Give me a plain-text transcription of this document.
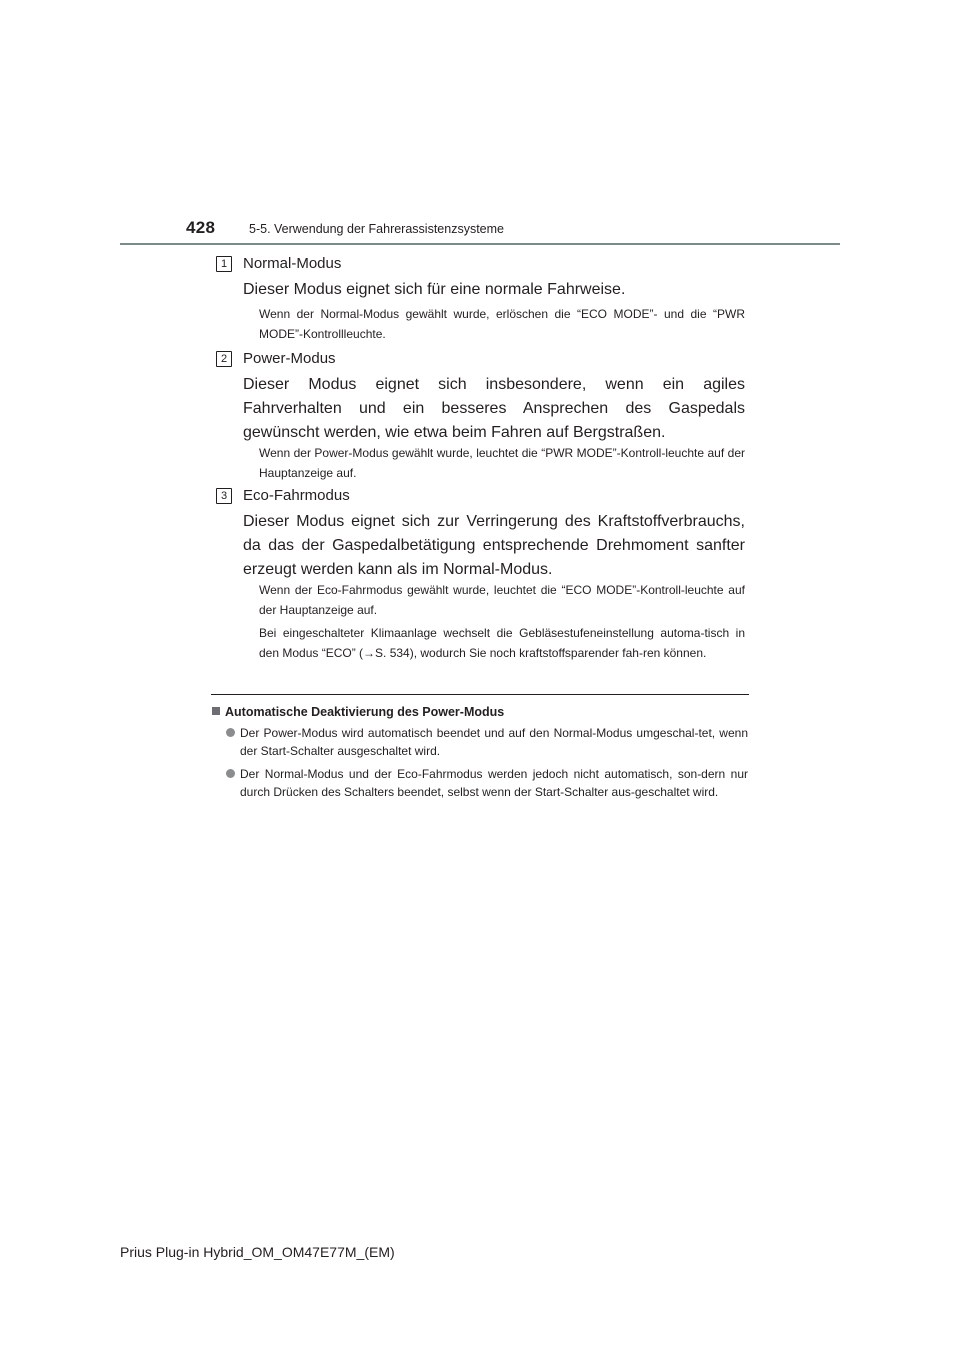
428	5-5. Verwendung der Fahrerassistenzsysteme
1	Normal-Modus
Dieser Modus eignet sich für eine normale Fahrweise.
Wenn der Normal-Modus gewählt wurde, erlöschen die “ECO MODE”- und die “PWR MODE”-Kontrollleuchte.
2	Power-Modus
Dieser Modus eignet sich insbesondere, wenn ein agiles Fahrverhalten und ein besseres Ansprechen des Gaspedals gewünscht werden, wie etwa beim Fahren auf Bergstraßen.
Wenn der Power-Modus gewählt wurde, leuchtet die “PWR MODE”-Kontroll-leuchte auf der Hauptanzeige auf.
3	Eco-Fahrmodus
Dieser Modus eignet sich zur Verringerung des Kraftstoffverbrauchs, da das der Gaspedalbetätigung entsprechende Drehmoment sanfter erzeugt werden kann als im Normal-Modus.
Wenn der Eco-Fahrmodus gewählt wurde, leuchtet die “ECO MODE”-Kontroll-leuchte auf der Hauptanzeige auf.
Bei eingeschalteter Klimaanlage wechselt die Gebläsestufeneinstellung automa-tisch in den Modus “ECO” (→S. 534), wodurch Sie noch kraftstoffsparender fah-ren können.
Automatische Deaktivierung des Power-Modus
Der Power-Modus wird automatisch beendet und auf den Normal-Modus umgeschal-tet, wenn der Start-Schalter ausgeschaltet wird.
Der Normal-Modus und der Eco-Fahrmodus werden jedoch nicht automatisch, son-dern nur durch Drücken des Schalters beendet, selbst wenn der Start-Schalter aus-geschaltet wird.
Prius Plug-in Hybrid_OM_OM47E77M_(EM)
